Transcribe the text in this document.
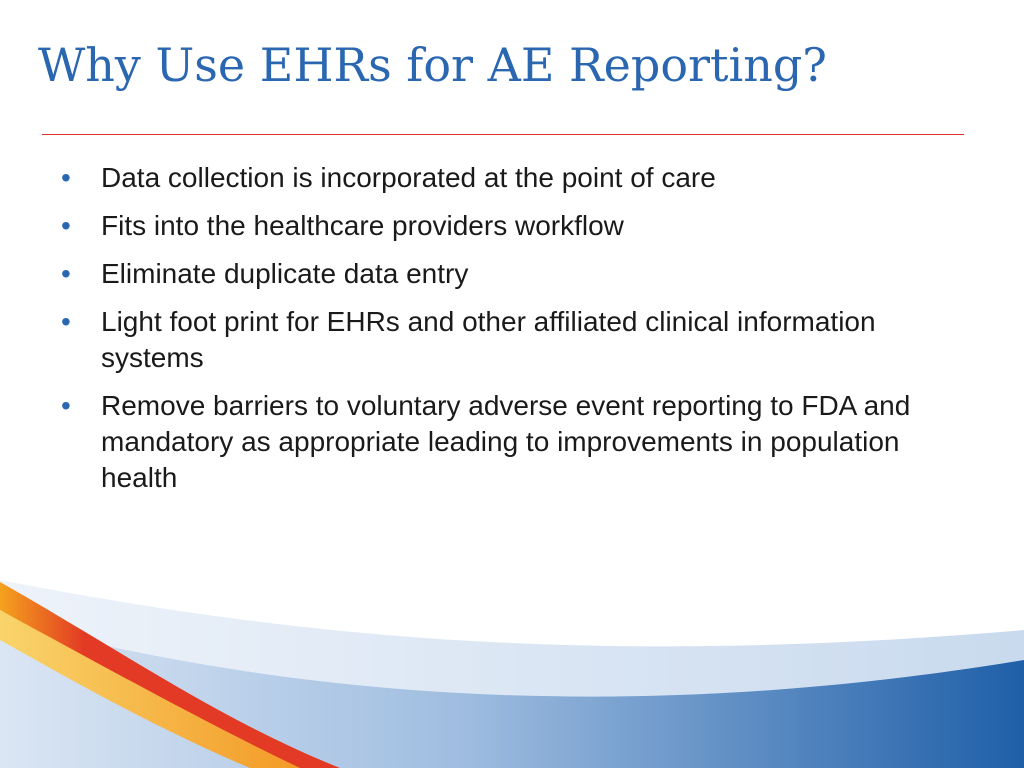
Why Use EHRs for AE Reporting?
• Data collection is incorporated at the point of care
• Fits into the healthcare providers workflow
• Eliminate duplicate data entry
• Light foot print for EHRs and other affiliated clinical information systems
• Remove barriers to voluntary adverse event reporting to FDA and mandatory as appropriate leading to improvements in population health
